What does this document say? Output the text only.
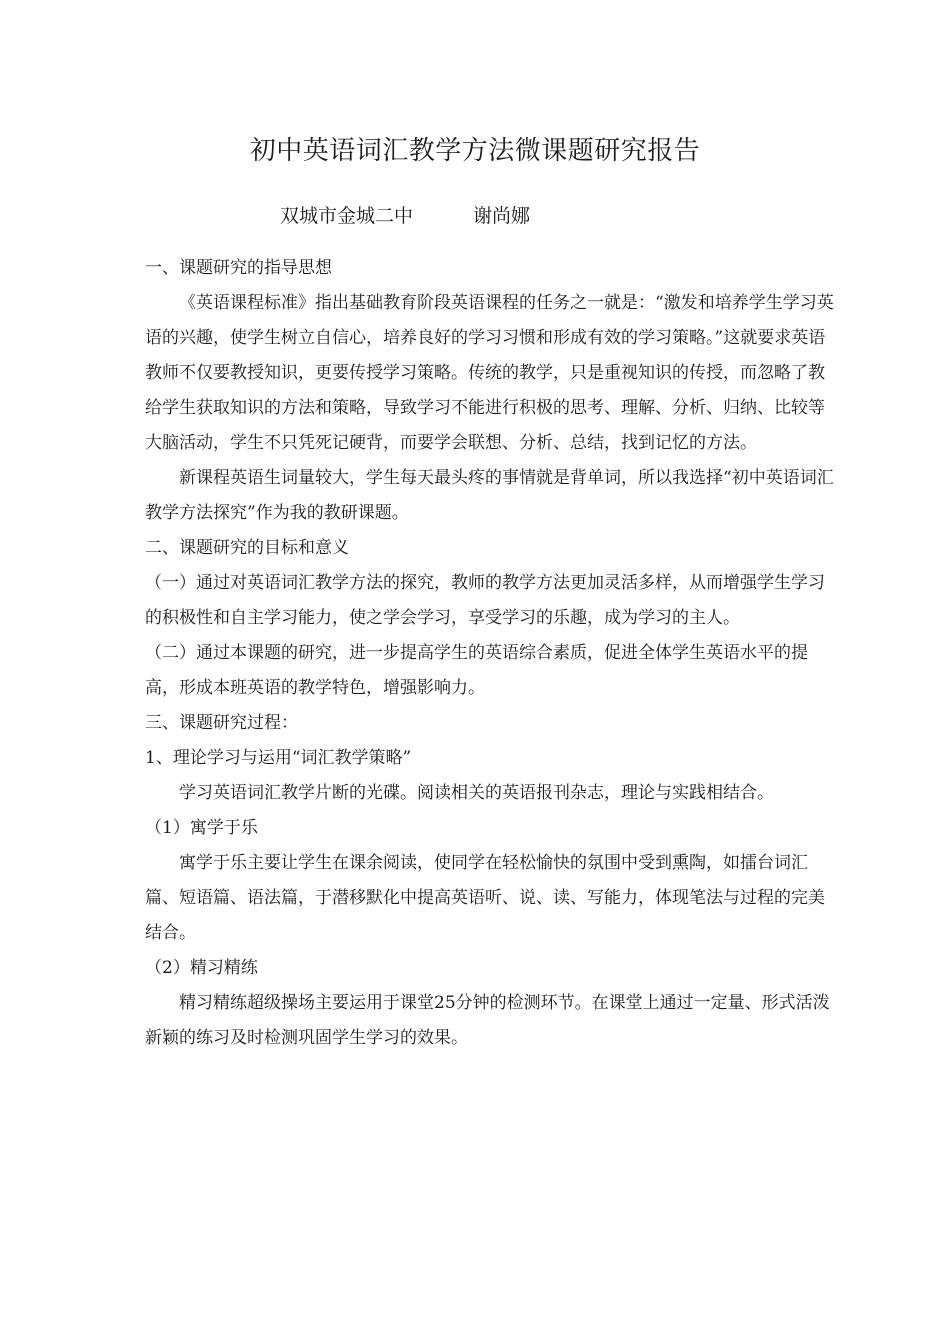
初中英语词汇教学方法微课题研究报告
双城市金城二中	谢尚娜

一、课题研究的指导思想

《英语课程标准》指出基础教育阶段英语课程的任务之一就是：“激发和培养学生学习英语的兴趣，使学生树立自信心，培养良好的学习习惯和形成有效的学习策略。”这就要求英语教师不仅要教授知识，更要传授学习策略。传统的教学，只是重视知识的传授，而忽略了教给学生获取知识的方法和策略，导致学习不能进行积极的思考、理解、分析、归纳、比较等大脑活动，学生不只凭死记硬背，而要学会联想、分析、总结，找到记忆的方法。

新课程英语生词量较大，学生每天最头疼的事情就是背单词，所以我选择“初中英语词汇教学方法探究”作为我的教研课题。

二、课题研究的目标和意义

（一）通过对英语词汇教学方法的探究，教师的教学方法更加灵活多样，从而增强学生学习的积极性和自主学习能力，使之学会学习，享受学习的乐趣，成为学习的主人。

（二）通过本课题的研究，进一步提高学生的英语综合素质，促进全体学生英语水平的提高，形成本班英语的教学特色，增强影响力。

三、课题研究过程：

1、理论学习与运用“词汇教学策略”

学习英语词汇教学片断的光碟。阅读相关的英语报刊杂志，理论与实践相结合。

（1）寓学于乐

寓学于乐主要让学生在课余阅读，使同学在轻松愉快的氛围中受到熏陶，如擂台词汇篇、短语篇、语法篇，于潜移默化中提高英语听、说、读、写能力，体现笔法与过程的完美结合。

（2）精习精练

精习精练超级操场主要运用于课堂25分钟的检测环节。在课堂上通过一定量、形式活泼新颖的练习及时检测巩固学生学习的效果。
